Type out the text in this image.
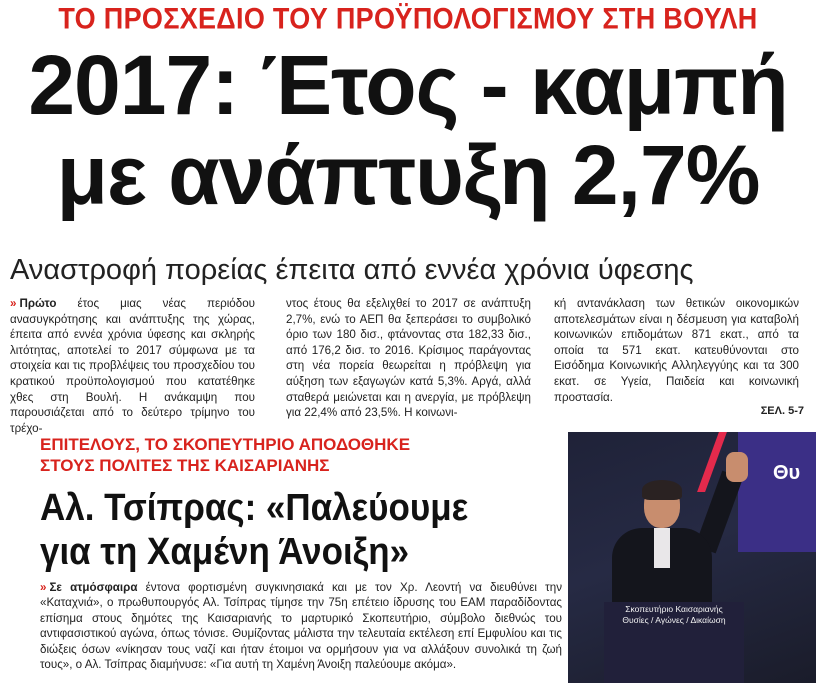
ΤΟ ΠΡΟΣΧΕΔΙΟ ΤΟΥ ΠΡΟΫΠΟΛΟΓΙΣΜΟΥ ΣΤΗ ΒΟΥΛΗ
2017: Έτος - καμπή
με ανάπτυξη 2,7%
Αναστροφή πορείας έπειτα από εννέα χρόνια ύφεσης
» Πρώτο έτος μιας νέας περιόδου ανασυγκρότησης και ανάπτυξης της χώρας, έπειτα από εννέα χρόνια ύφεσης και σκληρής λιτότητας, αποτελεί το 2017 σύμφωνα με τα στοιχεία και τις προβλέψεις του προσχεδίου του κρατικού προϋπολογισμού που κατατέθηκε χθες στη Βουλή. Η ανάκαμψη που παρουσιάζεται από το δεύτερο τρίμηνο του τρέχο-
ντος έτους θα εξελιχθεί το 2017 σε ανάπτυξη 2,7%, ενώ το ΑΕΠ θα ξεπεράσει το συμβολικό όριο των 180 δισ., φτάνοντας στα 182,33 δισ., από 176,2 δισ. το 2016. Κρίσιμος παράγοντας στη νέα πορεία θεωρείται η πρόβλεψη για αύξηση των εξαγωγών κατά 5,3%. Αργά, αλλά σταθερά μειώνεται και η ανεργία, με πρόβλεψη για 22,4% από 23,5%. Η κοινωνι-
κή αντανάκλαση των θετικών οικονομικών αποτελεσμάτων είναι η δέσμευση για καταβολή κοινωνικών επιδομάτων 871 εκατ., από τα οποία τα 571 εκατ. κατευθύνονται στο Εισόδημα Κοινωνικής Αλληλεγγύης και τα 300 εκατ. σε Υγεία, Παιδεία και κοινωνική προστασία.
ΣΕΛ. 5-7
ΕΠΙΤΕΛΟΥΣ, ΤΟ ΣΚΟΠΕΥΤΗΡΙΟ ΑΠΟΔΟΘΗΚΕ
ΣΤΟΥΣ ΠΟΛΙΤΕΣ ΤΗΣ ΚΑΙΣΑΡΙΑΝΗΣ
Αλ. Τσίπρας: «Παλεύουμε
για τη Χαμένη Άνοιξη»
» Σε ατμόσφαιρα έντονα φορτισμένη συγκινησιακά και με τον Χρ. Λεοντή να διευθύνει την «Καταχνιά», ο πρωθυπουργός Αλ. Τσίπρας τίμησε την 75η επέτειο ίδρυσης του ΕΑΜ παραδίδοντας επίσημα στους δημότες της Καισαριανής το μαρτυρικό Σκοπευτήριο, σύμβολο διεθνώς του αντιφασιστικού αγώνα, όπως τόνισε. Θυμίζοντας μάλιστα την τελευταία εκτέλεση επί Εμφυλίου και τις διώξεις όσων «νίκησαν τους ναζί και ήταν έτοιμοι να ορμήσουν για να αλλάξουν συνολικά τη ζωή τους», ο Αλ. Τσίπρας διαμήνυσε: «Για αυτή τη Χαμένη Άνοιξη παλεύουμε ακόμα».
Θυ
Σκοπευτήριο Καισαριανής
Θυσίες / Αγώνες / Δικαίωση
